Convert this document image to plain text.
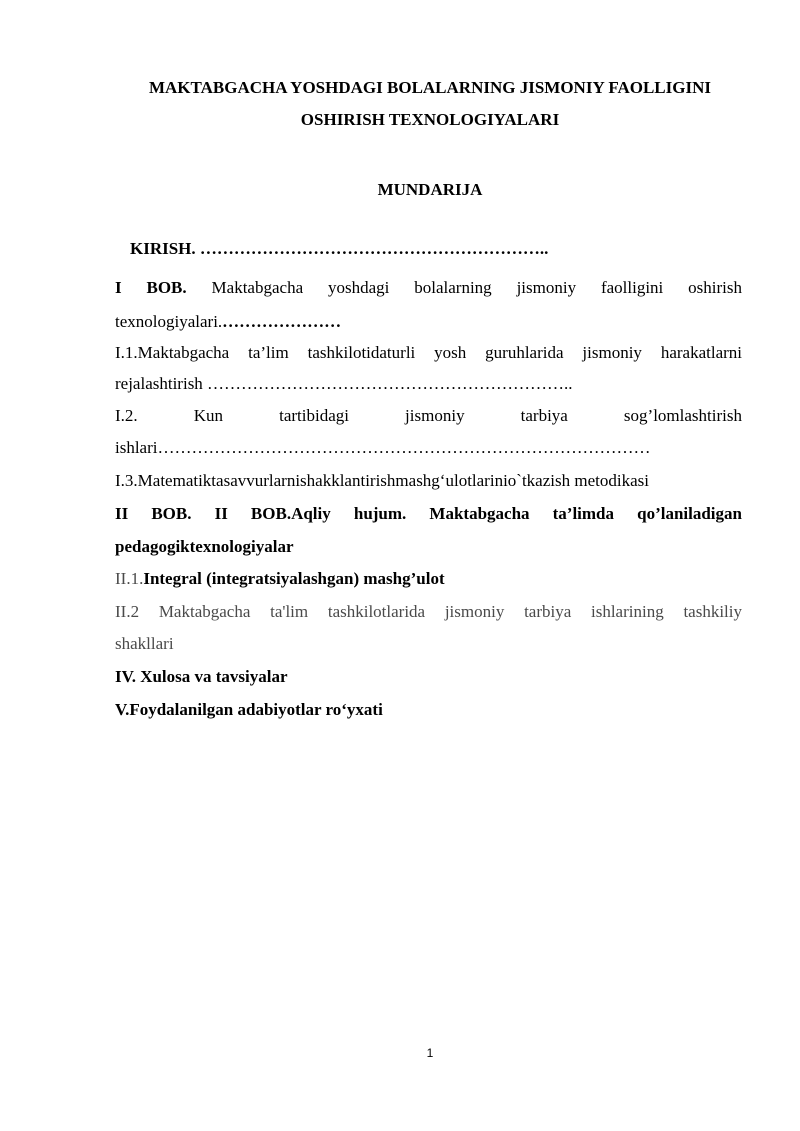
MAKTABGACHA YOSHDAGI BOLALARNING JISMONIY FAOLLIGINI
OSHIRISH TEXNOLOGIYALARI
MUNDARIJA
KIRISH. ……………………………………………………..
I BOB. Maktabgacha yoshdagi bolalarning jismoniy faolligini oshirish
texnologiyalari.…………………
I.1.Maktabgacha ta’lim tashkilotidaturli yosh guruhlarida jismoniy harakatlarni
rejalashtirish ………………………………………………………..
I.2. Kun tartibidagi jismoniy tarbiya sog’lomlashtirish
ishlari……………………………………………………………………………
I.3.Matematiktasavvurlarnishakklantirishmashg‘ulotlarinio`tkazish metodikasi
II BOB. II BOB.Aqliy hujum. Maktabgacha ta’limda qo’laniladigan
pedagogiktexnologiyalar
II.1.Integral (integratsiyalashgan) mashg’ulot
II.2 Maktabgacha ta'lim tashkilotlarida jismoniy tarbiya ishlarining tashkiliy
shakllari
IV. Xulosa va tavsiyalar
V.Foydalanilgan adabiyotlar ro‘yxati
1
